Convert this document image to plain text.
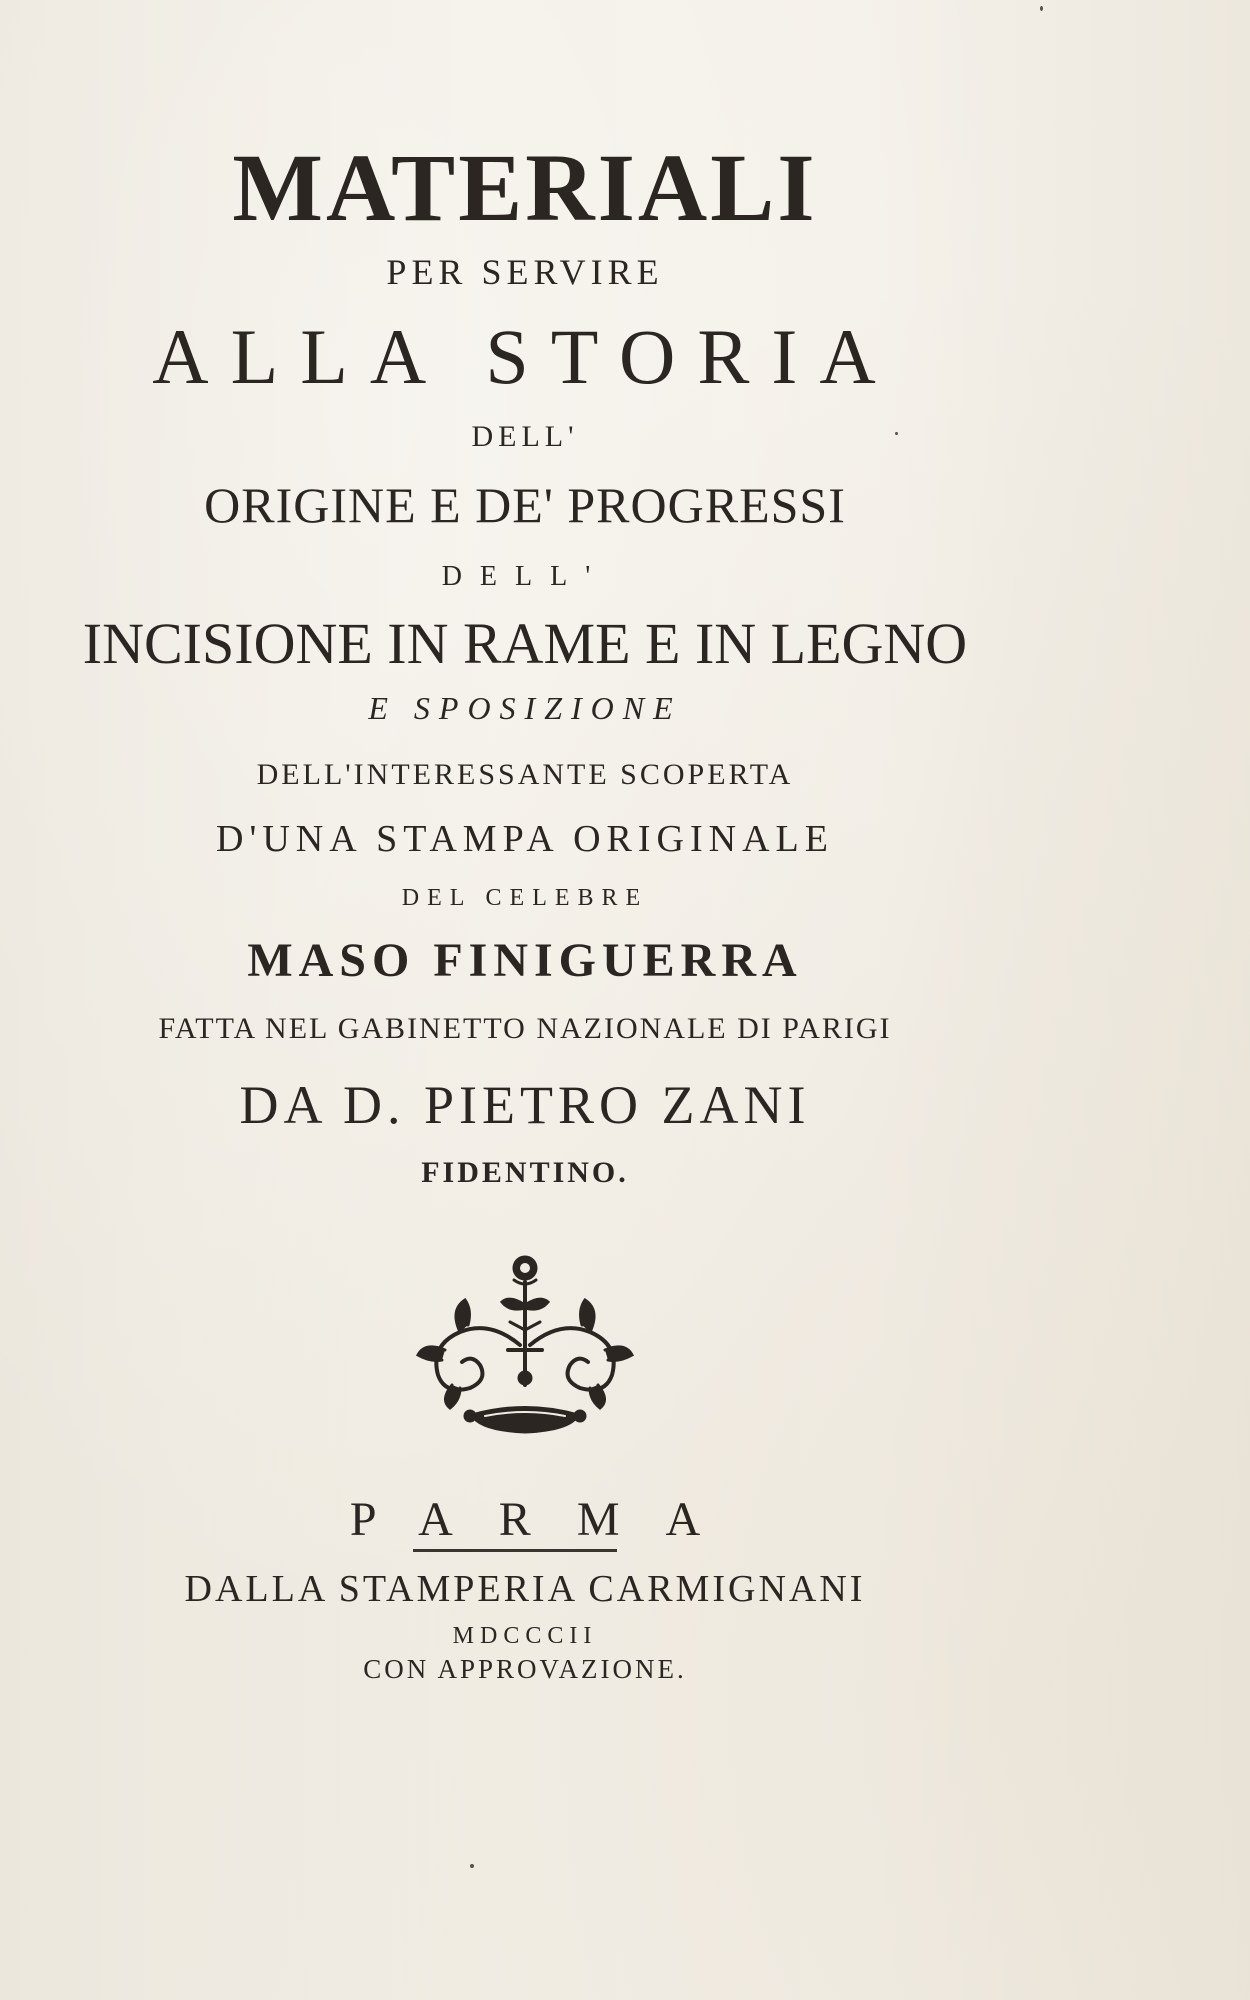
MATERIALI
PER SERVIRE
ALLA STORIA
DELL'
ORIGINE E DE' PROGRESSI
DELL'
INCISIONE IN RAME E IN LEGNO
E SPOSIZIONE
DELL'INTERESSANTE SCOPERTA
D'UNA STAMPA ORIGINALE
DEL CELEBRE
MASO FINIGUERRA
FATTA NEL GABINETTO NAZIONALE DI PARIGI
DA D. PIETRO ZANI
FIDENTINO.
PARMA
DALLA STAMPERIA CARMIGNANI
MDCCCII
CON APPROVAZIONE.
